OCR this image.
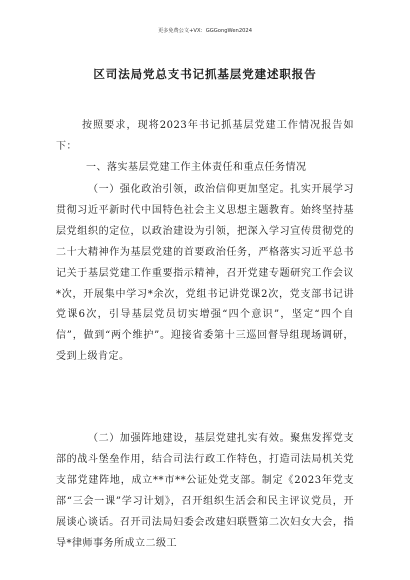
更多免费公文+VX：GGGongWen2024
区司法局党总支书记抓基层党建述职报告

按照要求，现将2023年书记抓基层党建工作情况报告如下：

一、落实基层党建工作主体责任和重点任务情况

（一）强化政治引领，政治信仰更加坚定。扎实开展学习贯彻习近平新时代中国特色社会主义思想主题教育。始终坚持基层党组织的定位，以政治建设为引领，把深入学习宣传贯彻党的二十大精神作为基层党建的首要政治任务，严格落实习近平总书记关于基层党建工作重要指示精神，召开党建专题研究工作会议*次，开展集中学习*余次，党组书记讲党课2次，党支部书记讲党课6次，引导基层党员切实增强“四个意识”，坚定“四个自信”，做到“两个维护”。迎接省委第十三巡回督导组现场调研，受到上级肯定。

（二）加强阵地建设，基层党建扎实有效。聚焦发挥党支部的战斗堡垒作用，结合司法行政工作特色，打造司法局机关党支部党建阵地，成立**市**公证处党支部。制定《2023年党支部“三会一课”学习计划》，召开组织生活会和民主评议党员，开展谈心谈话。召开司法局妇委会改建妇联暨第二次妇女大会，指导*律师事务所成立二级工
